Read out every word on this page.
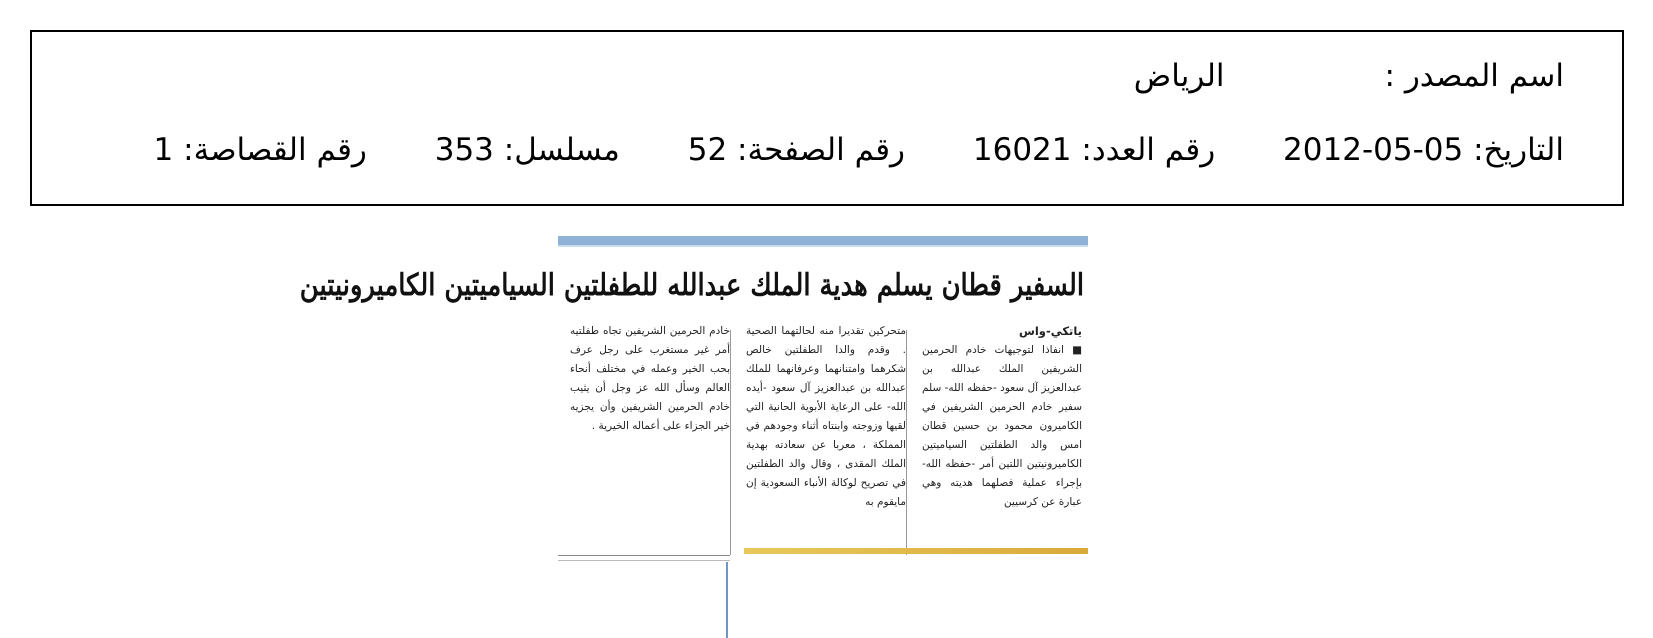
اسم المصدر :الرياض
التاريخ: 2012-05-05 رقم العدد: 16021 رقم الصفحة: 52 مسلسل: 353 رقم القصاصة: 1
السفير قطان يسلم هدية الملك عبدالله للطفلتين السياميتين الكاميرونيتين
ياتكي-واس
■ انفاذا لتوجيهات خادم الحرمين الشريفين الملك عبدالله بن عبدالعزيز آل سعود -حفظه الله- سلم سفير خادم الحرمين الشريفين في الكاميرون محمود بن حسين قطان امس والد الطفلتين السياميتين الكاميرونيتين اللتين أمر -حفظه الله- بإجراء عملية فصلهما هديته وهي عبارة عن كرسيين
متحركين تقديرا منه لحالتهما الصحية . وقدم والدا الطفلتين خالص شكرهما وامتنانهما وعرفانهما للملك عبدالله بن عبدالعزيز آل سعود -أيده الله- على الرعاية الأبوية الحانية التي لقيها وزوجته وابنتاه أثناء وجودهم في المملكة ، معربا عن سعادته بهدية الملك المقدى ، وقال والد الطفلتين في تصريح لوكالة الأنباء السعودية إن مايقوم به
خادم الحرمين الشريفين تجاه طفلتيه أمر غير مستغرب على رجل عرف بحب الخير وعمله في مختلف أنحاء العالم وسأل الله عز وجل أن يثيب خادم الحرمين الشريفين وأن يجزيه خير الجزاء على أعماله الخيرية .
